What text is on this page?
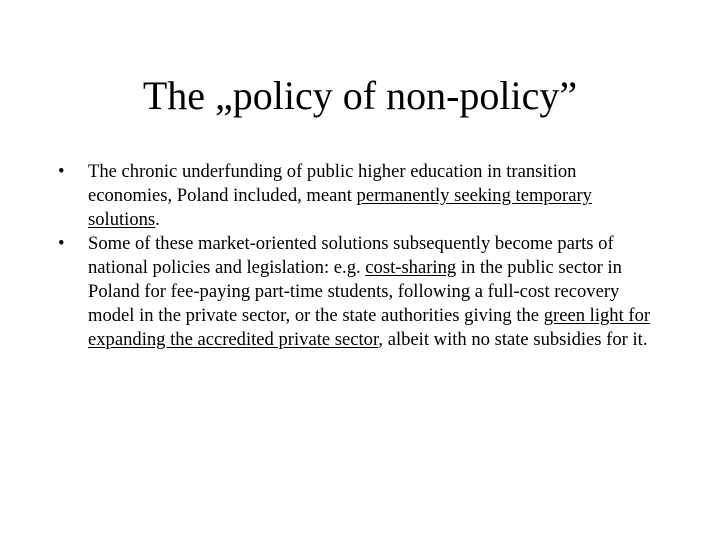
The „policy of non-policy”
•	The chronic underfunding of public higher education in transition economies, Poland included, meant permanently seeking temporary solutions.
•	Some of these market-oriented solutions subsequently become parts of national policies and legislation: e.g. cost-sharing in the public sector in Poland for fee-paying part-time students, following a full-cost recovery model in the private sector, or the state authorities giving the green light for expanding the accredited private sector, albeit with no state subsidies for it.
